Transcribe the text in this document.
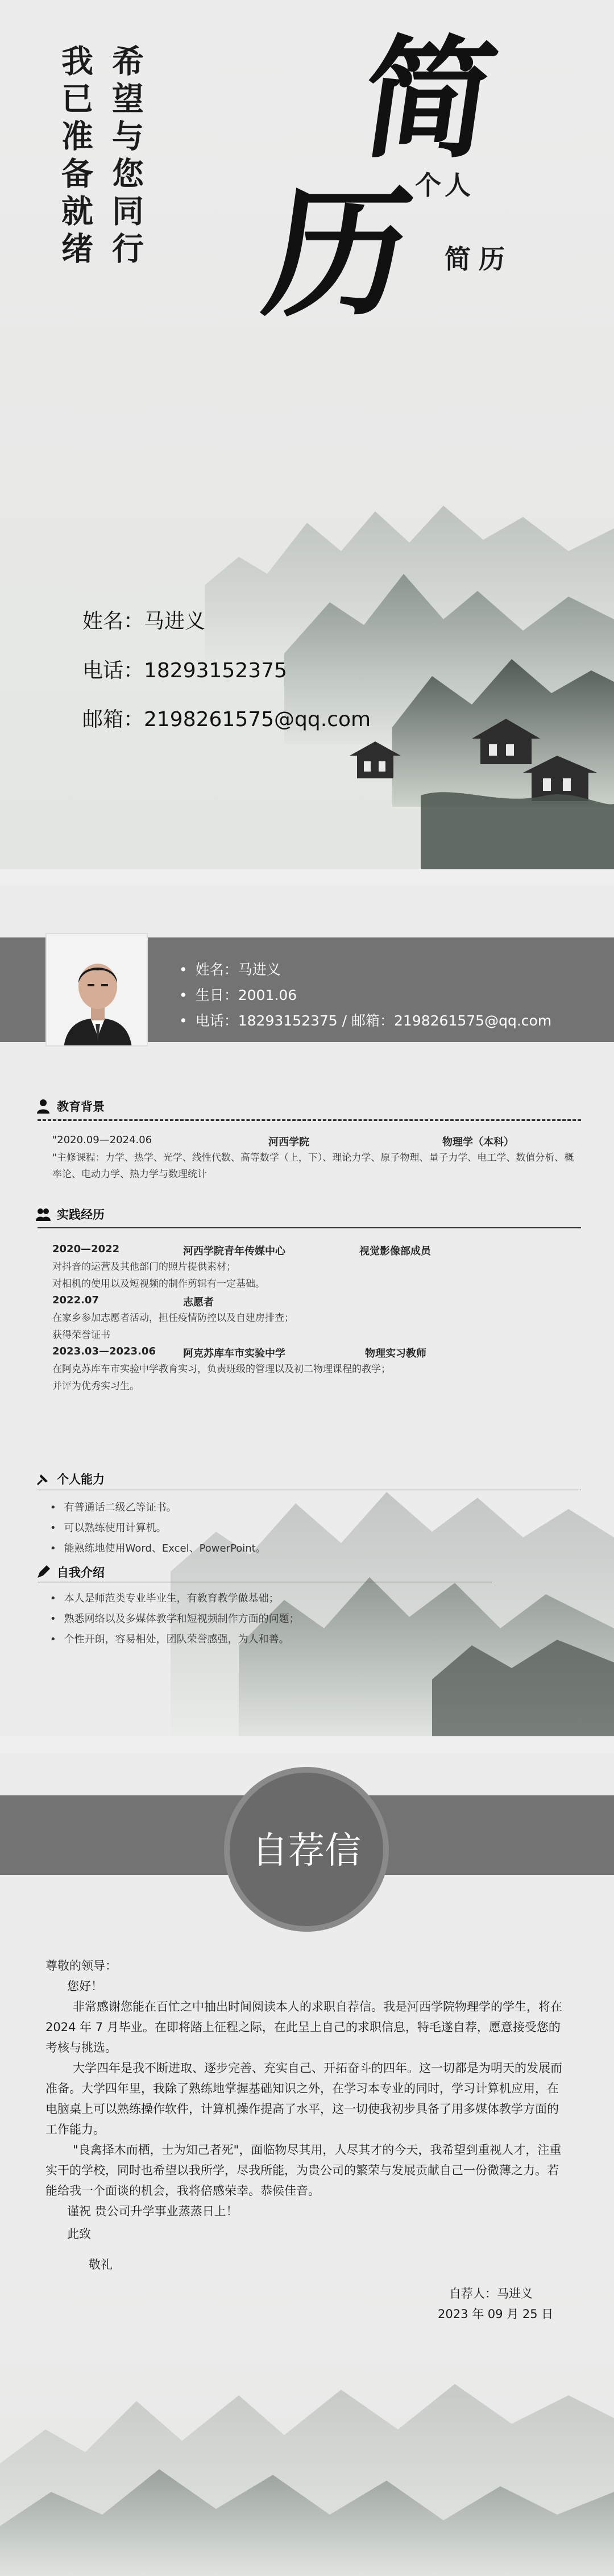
我已准备就绪 希望与您同行 简
历
个人
简历
姓名：马进义
电话：18293152375
邮箱：2198261575@qq.com
• 姓名：马进义
• 生日：2001.06
• 电话：18293152375 / 邮箱：2198261575@qq.com
教育背景
"2020.09—2024.06	河西学院	物理学（本科）
"主修课程：力学、热学、光学、线性代数、高等数学（上，下）、理论力学、原子物理、量子力学、电工学、数值分析、概率论、电动力学、热力学与数理统计
实践经历
2020—2022	河西学院青年传媒中心	视觉影像部成员
对抖音的运营及其他部门的照片提供素材；
对相机的使用以及短视频的制作剪辑有一定基础。
2022.07	志愿者
在家乡参加志愿者活动，担任疫情防控以及自建房排查；
获得荣誉证书
2023.03—2023.06	阿克苏库车市实验中学	物理实习教师
在阿克苏库车市实验中学教育实习，负责班级的管理以及初二物理课程的教学；
并评为优秀实习生。
个人能力
• 有普通话二级乙等证书。
• 可以熟练使用计算机。
• 能熟练地使用Word、Excel、PowerPoint。
自我介绍
• 本人是师范类专业毕业生，有教育教学做基础；
• 熟悉网络以及多媒体教学和短视频制作方面的问题；
• 个性开朗，容易相处，团队荣誉感强，为人和善。
自荐信

尊敬的领导：

您好！

非常感谢您能在百忙之中抽出时间阅读本人的求职自荐信。我是河西学院物理学的学生，将在 2024 年 7 月毕业。在即将踏上征程之际，在此呈上自己的求职信息，特毛遂自荐，愿意接受您的考核与挑选。

大学四年是我不断进取、逐步完善、充实自己、开拓奋斗的四年。这一切都是为明天的发展而准备。大学四年里，我除了熟练地掌握基础知识之外，在学习本专业的同时，学习计算机应用，在电脑桌上可以熟练操作软件，计算机操作提高了水平，这一切使我初步具备了用多媒体教学方面的工作能力。

"良禽择木而栖，士为知己者死"，面临物尽其用，人尽其才的今天，我希望到重视人才，注重实干的学校，同时也希望以我所学，尽我所能，为贵公司的繁荣与发展贡献自己一份微薄之力。若能给我一个面谈的机会，我将倍感荣幸。恭候佳音。

谨祝 贵公司升学事业蒸蒸日上！

此致

敬礼

自荐人：马进义
2023 年 09 月 25 日
